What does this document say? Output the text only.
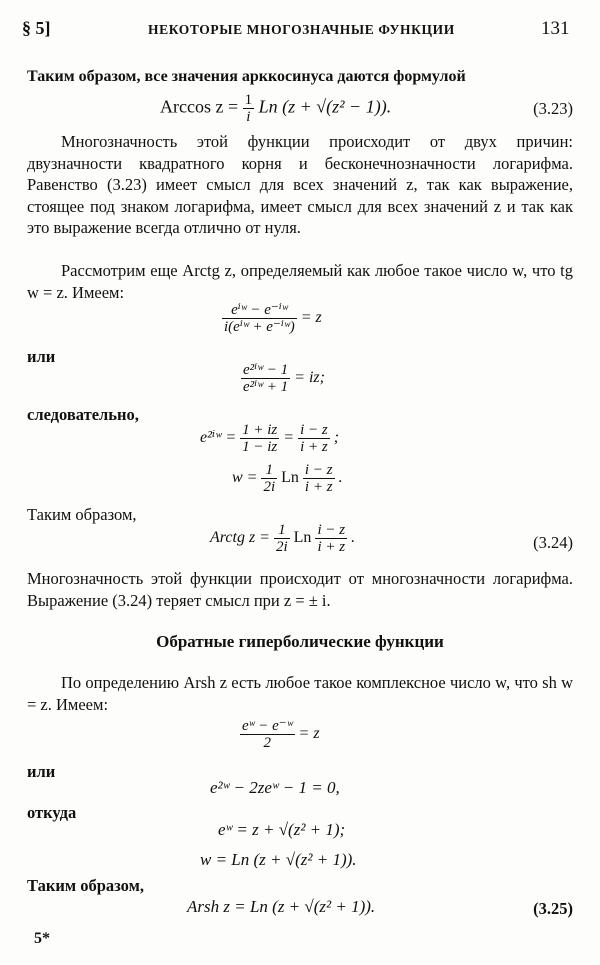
§ 5]	НЕКОТОРЫЕ МНОГОЗНАЧНЫЕ ФУНКЦИИ	131
Таким образом, все значения арккосинуса даются формулой
Arccos $z = \frac{1}{i}$ Ln (z + √(z² − 1)).	(3.23)
Многозначность этой функции происходит от двух причин: двузначности квадратного корня и бесконечнозначности логарифма. Равенство (3.23) имеет смысл для всех значений z, так как выражение, стоящее под знаком логарифма, имеет смысл для всех значений z и так как это выражение всегда отлично от нуля.
Рассмотрим еще Arctg z, определяемый как любое такое число w, что tg w = z. Имеем:
$\frac{\text{eⁱʷ − e⁻ⁱʷ}}{\text{i(eⁱʷ + e⁻ⁱʷ)}} = z$
или
$\frac{\text{e²ⁱʷ − 1}}{\text{e²ⁱʷ + 1}}$ = iz;
следовательно,
e²ⁱʷ = $\frac{1 + iz}{1 - iz} = \frac{i - z}{i + z}$ ;
$w = \frac{1}{2i}$ Ln $\frac{i - z}{i + z}$ .
Таким образом,
Arctg $z = \frac{1}{2i}$ Ln $\frac{i - z}{i + z}$ .	(3.24)
Многозначность этой функции происходит от многозначности логарифма. Выражение (3.24) теряет смысл при z = ± i.
Обратные гиперболические функции
По определению Arsh z есть любое такое комплексное число w, что sh w = z. Имеем:
$\frac{\text{eʷ − e⁻ʷ}}{2} = z$
или
e²ʷ − 2zeʷ − 1 = 0,
откуда
eʷ = z + √(z² + 1);
w = Ln (z + √(z² + 1)).
Таким образом,
Arsh z = Ln (z + √(z² + 1)).	(3.25)
5*
